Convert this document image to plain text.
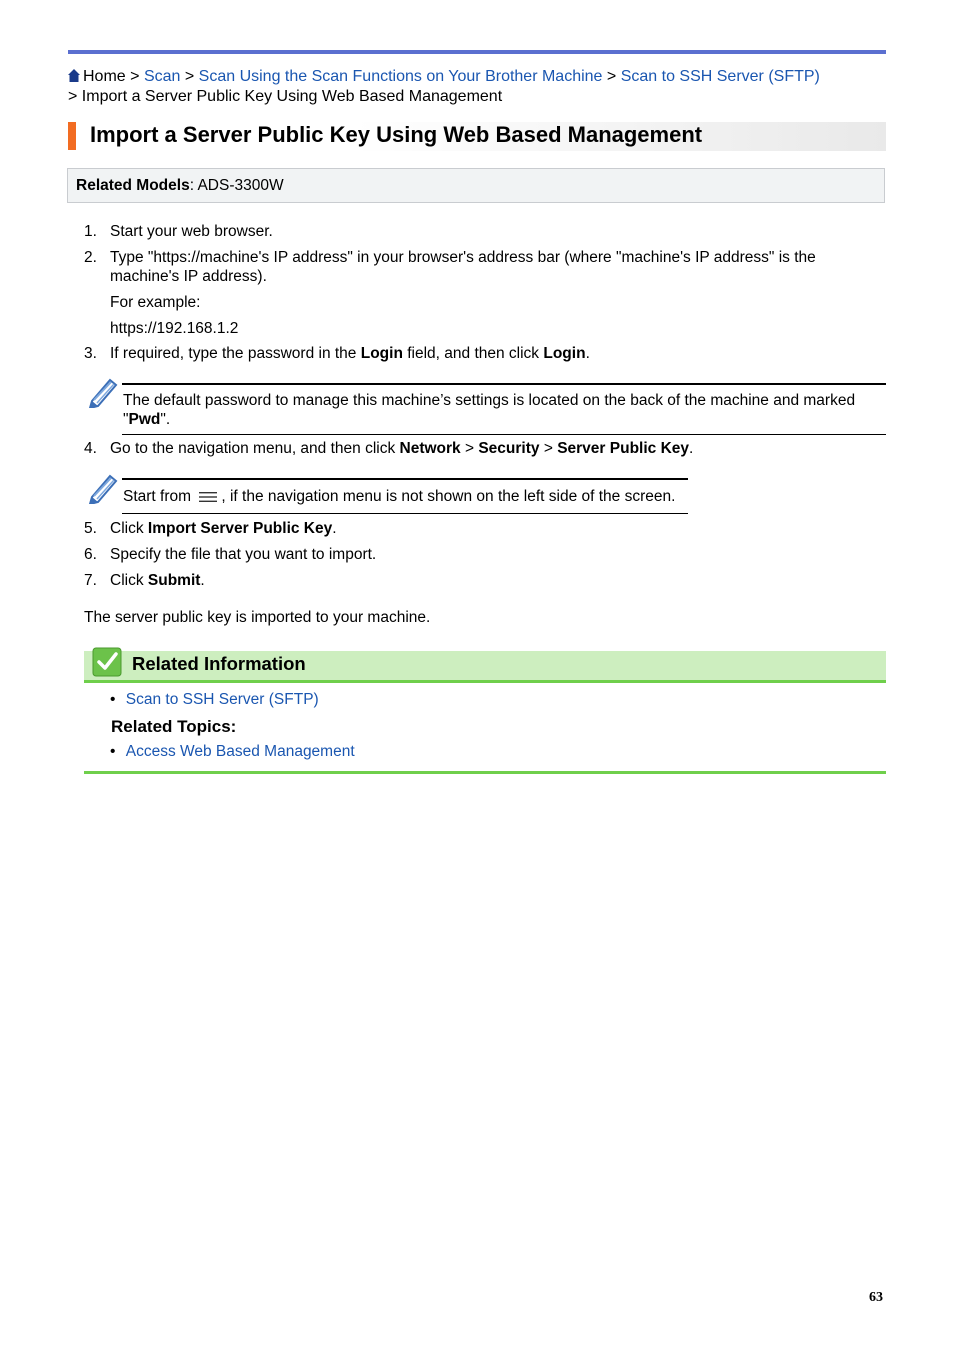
Home > Scan > Scan Using the Scan Functions on Your Brother Machine > Scan to SSH Server (SFTP) > Import a Server Public Key Using Web Based Management
Import a Server Public Key Using Web Based Management
Related Models: ADS-3300W
1. Start your web browser.
2. Type "https://machine's IP address" in your browser's address bar (where "machine's IP address" is the machine's IP address).
For example:
https://192.168.1.2
3. If required, type the password in the Login field, and then click Login.
The default password to manage this machine’s settings is located on the back of the machine and marked "Pwd".
4. Go to the navigation menu, and then click Network > Security > Server Public Key.
Start from , if the navigation menu is not shown on the left side of the screen.
5. Click Import Server Public Key.
6. Specify the file that you want to import.
7. Click Submit.
The server public key is imported to your machine.
Related Information
• Scan to SSH Server (SFTP)
Related Topics:
• Access Web Based Management
63
